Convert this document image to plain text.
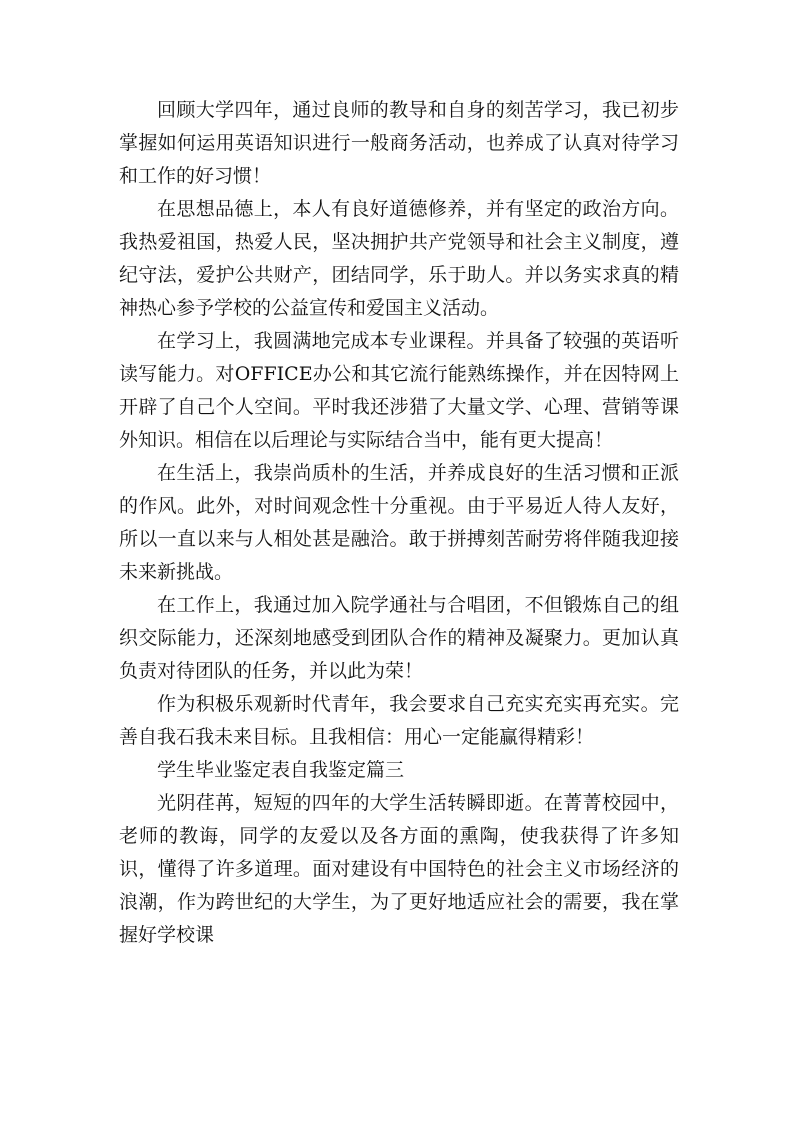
回顾大学四年，通过良师的教导和自身的刻苦学习，我已初步掌握如何运用英语知识进行一般商务活动，也养成了认真对待学习和工作的好习惯！

在思想品德上，本人有良好道德修养，并有坚定的政治方向。我热爱祖国，热爱人民，坚决拥护共产党领导和社会主义制度，遵纪守法，爱护公共财产，团结同学，乐于助人。并以务实求真的精神热心参予学校的公益宣传和爱国主义活动。

在学习上，我圆满地完成本专业课程。并具备了较强的英语听读写能力。对OFFICE办公和其它流行能熟练操作，并在因特网上开辟了自己个人空间。平时我还涉猎了大量文学、心理、营销等课外知识。相信在以后理论与实际结合当中，能有更大提高！

在生活上，我崇尚质朴的生活，并养成良好的生活习惯和正派的作风。此外，对时间观念性十分重视。由于平易近人待人友好，所以一直以来与人相处甚是融洽。敢于拼搏刻苦耐劳将伴随我迎接未来新挑战。

在工作上，我通过加入院学通社与合唱团，不但锻炼自己的组织交际能力，还深刻地感受到团队合作的精神及凝聚力。更加认真负责对待团队的任务，并以此为荣！

作为积极乐观新时代青年，我会要求自己充实充实再充实。完善自我石我未来目标。且我相信：用心一定能赢得精彩！

学生毕业鉴定表自我鉴定篇三

光阴荏苒，短短的四年的大学生活转瞬即逝。在菁菁校园中，老师的教诲，同学的友爱以及各方面的熏陶，使我获得了许多知识，懂得了许多道理。面对建设有中国特色的社会主义市场经济的浪潮，作为跨世纪的大学生，为了更好地适应社会的需要，我在掌握好学校课
